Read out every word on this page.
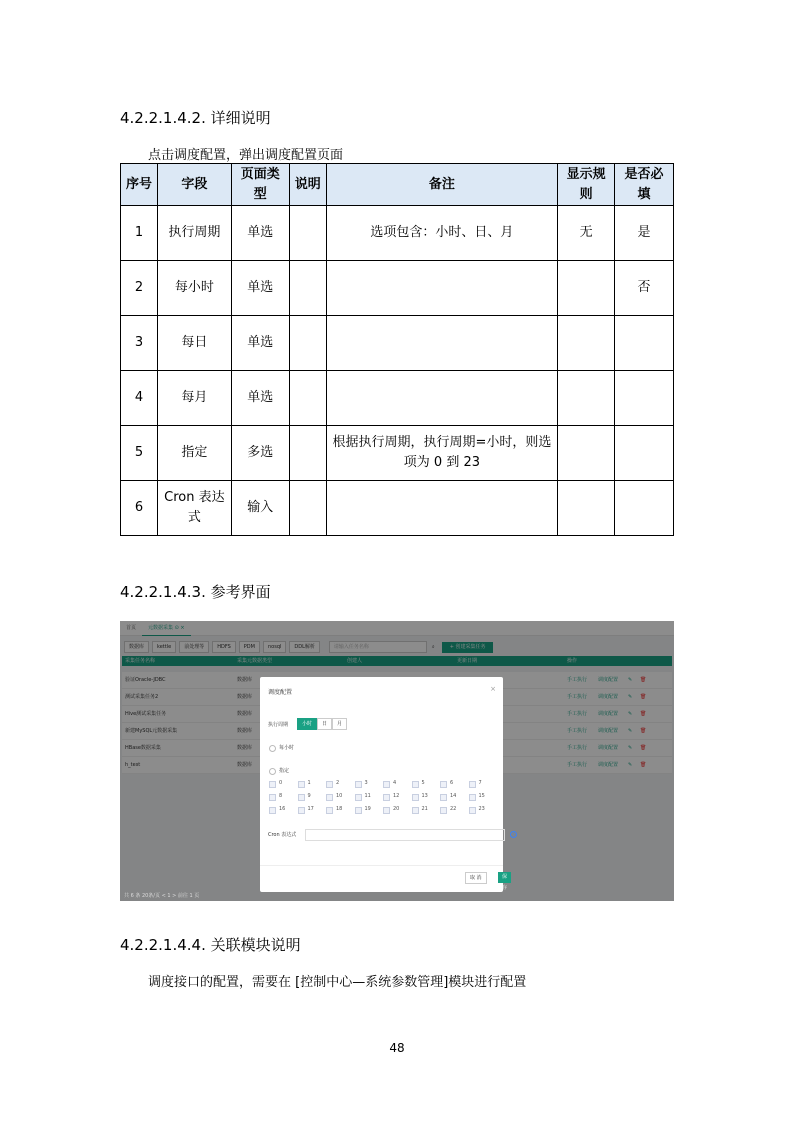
4.2.2.1.4.2. 详细说明
点击调度配置，弹出调度配置页面
序号	字段	页面类型	说明	备注	显示规则	是否必填
1	执行周期	单选		选项包含：小时、日、月	无	是
2	每小时	单选				否
3	每日	单选				
4	每月	单选				
5	指定	多选		根据执行周期，执行周期=小时，则选项为 0 到 23		
6	Cron 表达式	输入				
4.2.2.1.4.3. 参考界面
首页	元数据采集 ⊙ ×
数据库	kettle	前处理等	HDFS	PDM	nosql	DDL解析	请输入任务名称	⌕	+ 创建采集任务
采集任务名称	采集元数据类型	创建人	更新日期	操作
验证Oracle-JDBC	数据库	手工执行 调度配置 ✎ 🗑
测试采集任务2	数据库	手工执行 调度配置 ✎ 🗑
Hive测试采集任务	数据库	手工执行 调度配置 ✎ 🗑
新建MySQL元数据采集	数据库	手工执行 调度配置 ✎ 🗑
HBase数据采集	数据库	手工执行 调度配置 ✎ 🗑
h_test	数据库	手工执行 调度配置 ✎ 🗑
共 6 条 20条/页 < 1 > 前往 1 页
调度配置	×
执行周期	小时	日	月
每小时
指定
0	1	2	3	4	5	6	7
8	9	10	11	12	13	14	15
16	17	18	19	20	21	22	23
Cron 表达式	?
取 消	保 存
4.2.2.1.4.4. 关联模块说明
调度接口的配置，需要在 [控制中心—系统参数管理]模块进行配置
48
